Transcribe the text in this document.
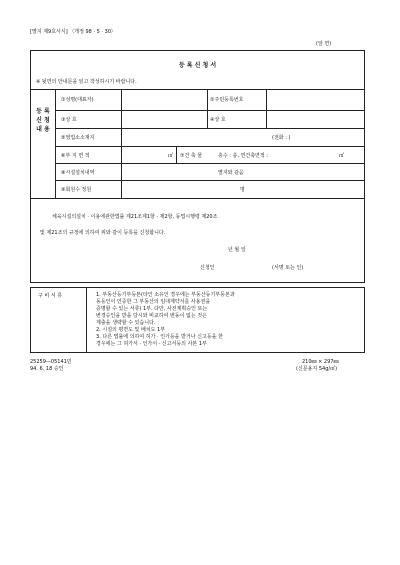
[별지 제9호서식] 〈개정 98 · 5 · 30〉
(앞 면)
등 록 신 청 서
※ 뒷면의 안내문을 읽고 작성하시기 바랍니다.
등 록 신 청 내 용
①성명(대표자)	②주민등록번호
③상 호	④상 호
⑤영업소소재지	(전화 : )
⑥부 지 면 적	㎡ ⑦건 축 물	층수 : 층, 연건축면적 :	㎡
⑧시설설치내역	별지와 같음
⑨회원수 정원	명
체육시설의설치 · 이용에관한법률 제21조제1항 · 제2항, 동법시행령 제20조
및 제21조의 규정에 의하여 위와 같이 등록을 신청합니다.
년 월 일
신청인	(서명 또는 인)
구 비 서 류	1. 부동산등기부등본(타인 소유인 경우에는 부동산등기부등본과
동등인이 인증한 그 부동산의 임대계약서를 사용권을
증명할 수 있는 서류) 1부. 다만, 사전계획승인 또는
변경승인을 받을 당시와 비교하여 변동이 없는 것은
제출을 생략할 수 있습니다.
2. 시설의 평면도 및 배치도 1부
3. 다른 법률에 의하여 허가 · 인가등을 받거나 신고등을 한
경우에는 그 허가서 · 인가서 · 신고서등의 사본 1부
25259—05141민
94. 6. 18 승인
210㎜ × 297㎜
(신문용지 54g/㎡)
